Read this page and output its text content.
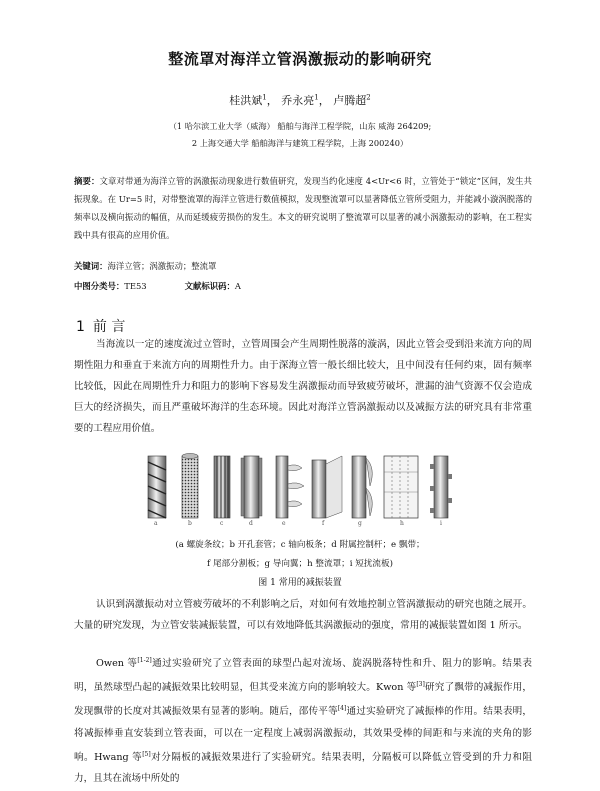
整流罩对海洋立管涡激振动的影响研究
桂洪斌$^1$， 乔永亮$^1$， 卢腾超$^2$
（1 哈尔滨工业大学（威海） 船舶与海洋工程学院，山东 威海 264209;
2 上海交通大学 船舶海洋与建筑工程学院，上海 200240）
摘要：文章对带通为海洋立管的涡激振动现象进行数值研究，发现当约化速度 4<Ur<6 时，立管处于“锁定”区间，发生共振现象。在 Ur=5 时，对带整流罩的海洋立管进行数值模拟，发现整流罩可以显著降低立管所受阻力，并能减小漩涡脱落的频率以及横向振动的幅值，从而延缓疲劳损伤的发生。本文的研究说明了整流罩可以显著的减小涡激振动的影响，在工程实践中具有很高的应用价值。
关键词：海洋立管；涡激振动；整流罩
中图分类号：TE53	文献标识码：A
1 前 言
当海流以一定的速度流过立管时，立管周围会产生周期性脱落的漩涡，因此立管会受到沿来流方向的周期性阻力和垂直于来流方向的周期性升力。由于深海立管一般长细比较大，且中间没有任何约束，固有频率比较低，因此在周期性升力和阻力的影响下容易发生涡激振动而导致疲劳破坏，泄漏的油气资源不仅会造成巨大的经济损失，而且严重破坏海洋的生态环境。因此对海洋立管涡激振动以及减振方法的研究具有非常重要的工程应用价值。
a	b	c	d	e	f	g	h	i
(a 螺旋条纹；b 开孔套管；c 轴向板条；d 附属控制杆；e 飘带；
f 尾部分割板；g 导向翼；h 整流罩；i 短扰流板)
图 1 常用的减振装置
认识到涡激振动对立管疲劳破坏的不利影响之后，对如何有效地控制立管涡激振动的研究也随之展开。大量的研究发现，为立管安装减振装置，可以有效地降低其涡激振动的强度，常用的减振装置如图 1 所示。
Owen 等[1-2]通过实验研究了立管表面的球型凸起对流场、旋涡脱落特性和升、阻力的影响。结果表明，虽然球型凸起的减振效果比较明显，但其受来流方向的影响较大。Kwon 等[3]研究了飘带的减振作用，发现飘带的长度对其减振效果有显著的影响。随后，邵传平等[4]通过实验研究了减振棒的作用。结果表明，将减振棒垂直安装到立管表面，可以在一定程度上减弱涡激振动，其效果受棒的间距和与来流的夹角的影响。Hwang 等[5]对分隔板的减振效果进行了实验研究。结果表明，分隔板可以降低立管受到的升力和阻力，且其在流场中所处的
